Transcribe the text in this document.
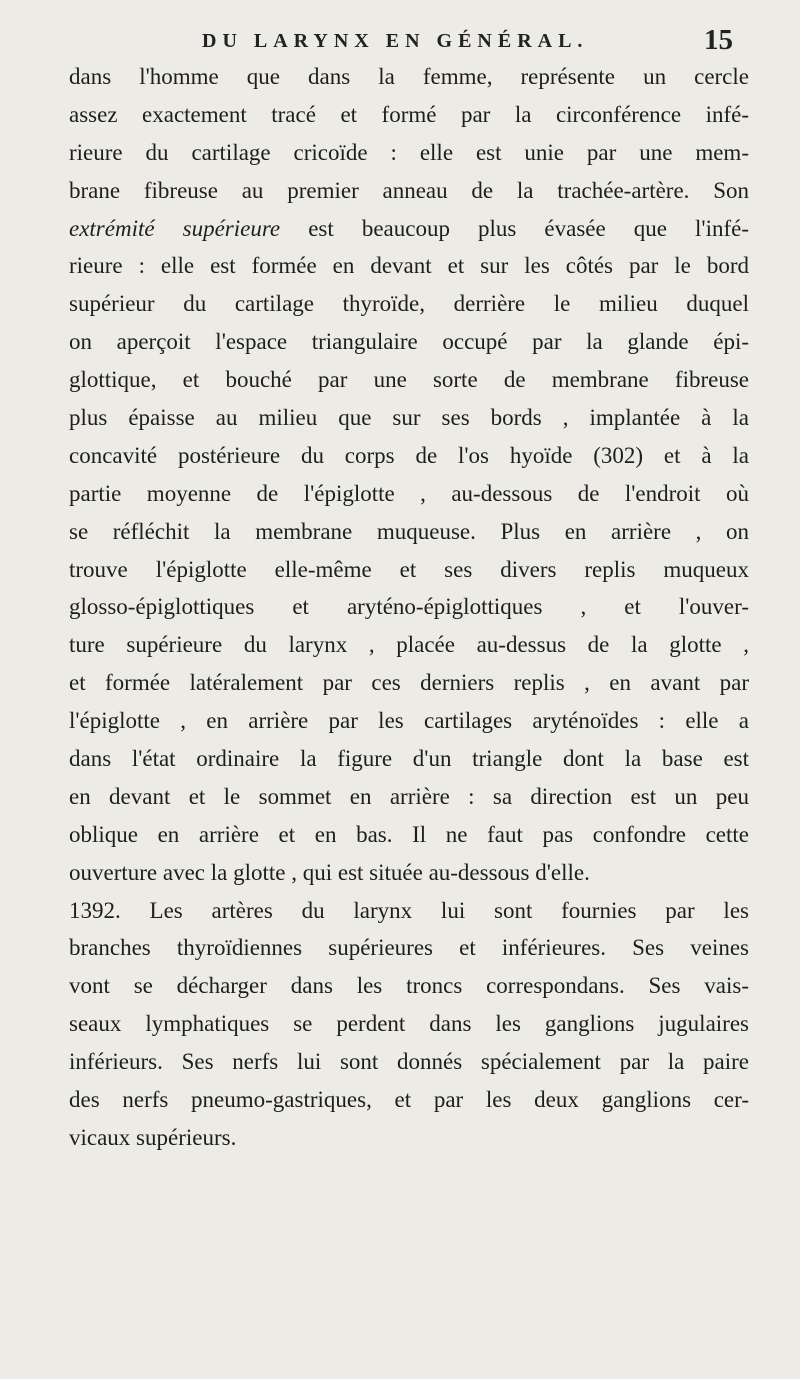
DU LARYNX EN GÉNÉRAL.	15
dans l'homme que dans la femme, représente un cercle
assez exactement tracé et formé par la circonférence infé-
rieure du cartilage cricoïde : elle est unie par une mem-
brane fibreuse au premier anneau de la trachée-artère. Son
extrémité supérieure est beaucoup plus évasée que l'infé-
rieure : elle est formée en devant et sur les côtés par le bord
supérieur du cartilage thyroïde, derrière le milieu duquel
on aperçoit l'espace triangulaire occupé par la glande épi-
glottique, et bouché par une sorte de membrane fibreuse
plus épaisse au milieu que sur ses bords , implantée à la
concavité postérieure du corps de l'os hyoïde (302) et à la
partie moyenne de l'épiglotte , au-dessous de l'endroit où
se réfléchit la membrane muqueuse. Plus en arrière , on
trouve l'épiglotte elle-même et ses divers replis muqueux
glosso-épiglottiques et aryténo-épiglottiques , et l'ouver-
ture supérieure du larynx , placée au-dessus de la glotte ,
et formée latéralement par ces derniers replis , en avant par
l'épiglotte , en arrière par les cartilages aryténoïdes : elle a
dans l'état ordinaire la figure d'un triangle dont la base est
en devant et le sommet en arrière : sa direction est un peu
oblique en arrière et en bas. Il ne faut pas confondre cette
ouverture avec la glotte , qui est située au-dessous d'elle.
1392. Les artères du larynx lui sont fournies par les
branches thyroïdiennes supérieures et inférieures. Ses veines
vont se décharger dans les troncs correspondans. Ses vais-
seaux lymphatiques se perdent dans les ganglions jugulaires
inférieurs. Ses nerfs lui sont donnés spécialement par la paire
des nerfs pneumo-gastriques, et par les deux ganglions cer-
vicaux supérieurs.
